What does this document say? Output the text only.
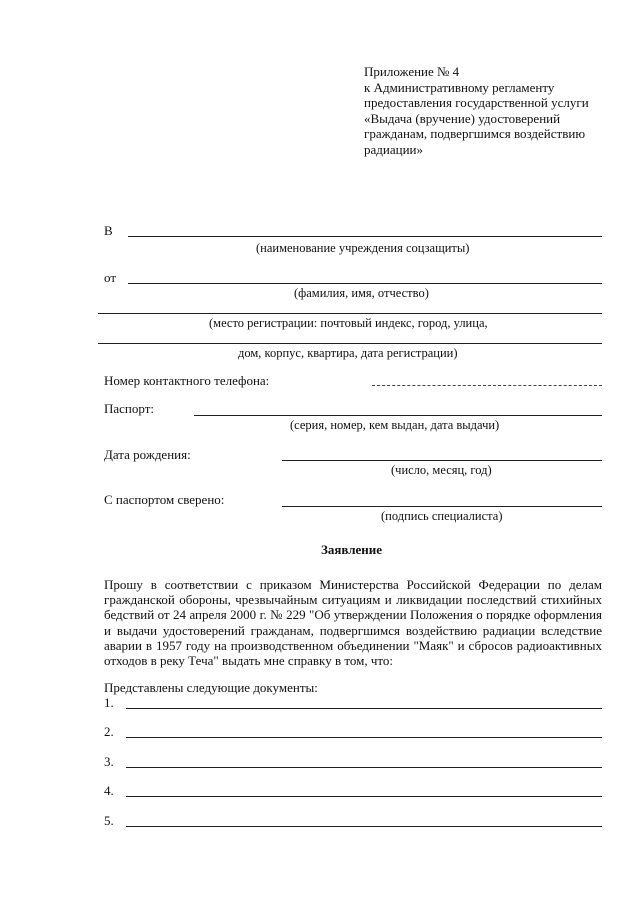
Приложение № 4
к Административному регламенту
предоставления государственной услуги
«Выдача (вручение) удостоверений
гражданам, подвергшимся воздействию
радиации»
В
(наименование учреждения соцзащиты)
от
(фамилия, имя, отчество)
(место регистрации: почтовый индекс, город, улица,
дом, корпус, квартира, дата регистрации)
Номер контактного телефона:
Паспорт:
(серия, номер, кем выдан, дата выдачи)
Дата рождения:
(число, месяц, год)
С паспортом сверено:
(подпись специалиста)
Заявление
Прошу в соответствии с приказом Министерства Российской Федерации по делам
гражданской обороны, чрезвычайным ситуациям и ликвидации последствий стихийных
бедствий от 24 апреля 2000 г. № 229 "Об утверждении Положения о порядке оформления
и выдачи удостоверений гражданам, подвергшимся воздействию радиации вследствие
аварии в 1957 году на производственном объединении "Маяк" и сбросов радиоактивных
отходов в реку Теча" выдать мне справку в том, что:
Представлены следующие документы:
1.
2.
3.
4.
5.
